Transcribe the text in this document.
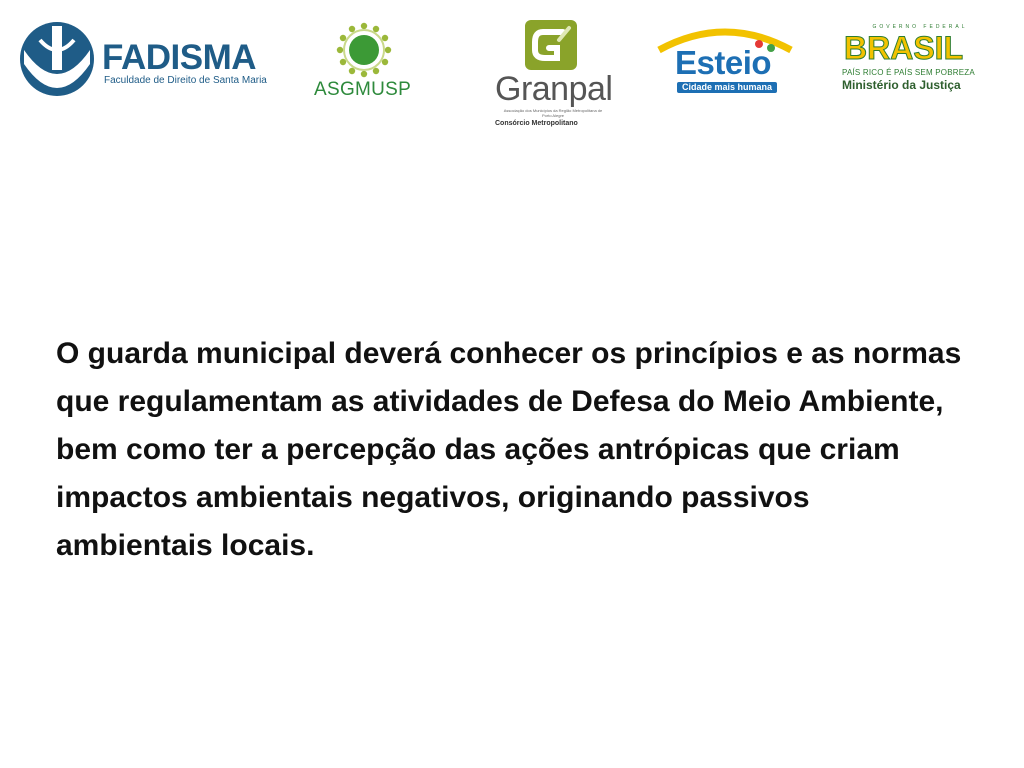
FADISMA
Faculdade de Direito de Santa Maria ASGMUSP Granpal
Associação dos Municípios da Região Metropolitana de Porto Alegre
Consórcio Metropolitano
Esteio
Cidade mais humana
GOVERNO FEDERAL
BRASIL
PAÍS RICO É PAÍS SEM POBREZA
Ministério da Justiça

O guarda municipal deverá conhecer os princípios e as normas que regulamentam as atividades de Defesa do Meio Ambiente, bem como ter a percepção das ações antrópicas que criam impactos ambientais negativos, originando passivos ambientais locais.
